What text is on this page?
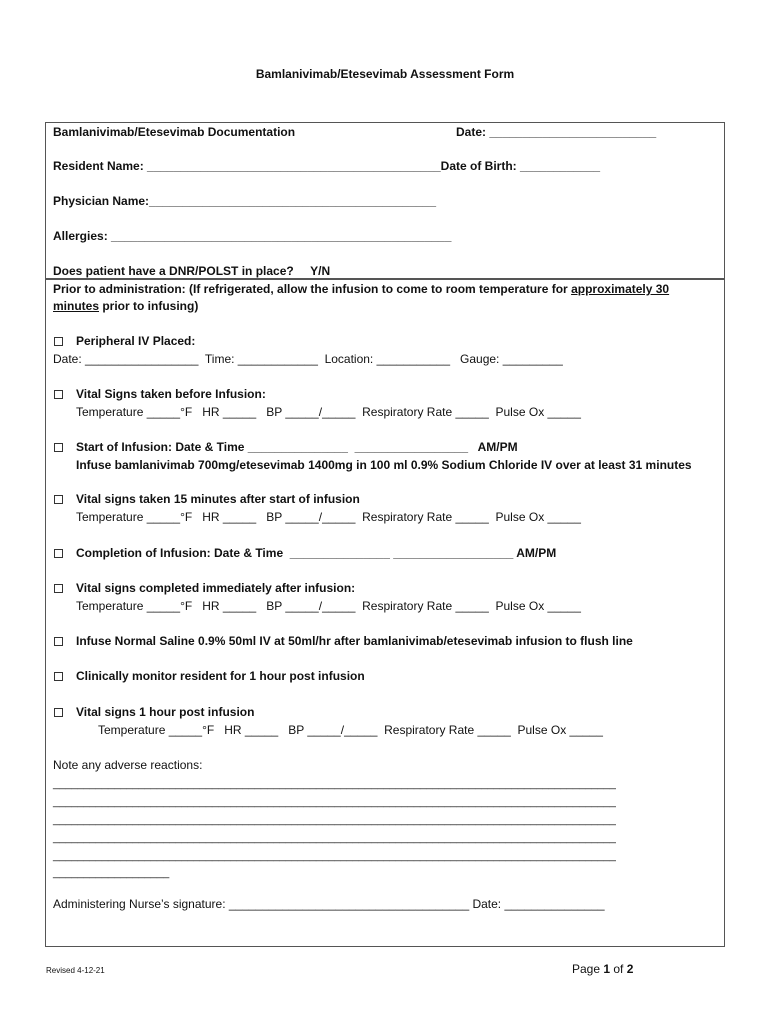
Bamlanivimab/Etesevimab Assessment Form
Bamlanivimab/Etesevimab Documentation	Date: _________________________
Resident Name: ____________________________________________Date of Birth: ____________
Physician Name:___________________________________________
Allergies: ___________________________________________________
Does patient have a DNR/POLST in place?     Y/N
Prior to administration: (If refrigerated, allow the infusion to come to room temperature for approximately 30
minutes prior to infusing)
Peripheral IV Placed:
Date: _________________  Time: ____________  Location: ___________   Gauge: _________
Vital Signs taken before Infusion:
Temperature _____°F   HR _____   BP _____/_____  Respiratory Rate _____  Pulse Ox _____
Start of Infusion: Date & Time _______________  _________________   AM/PM
Infuse bamlanivimab 700mg/etesevimab 1400mg in 100 ml 0.9% Sodium Chloride IV over at least 31 minutes
Vital signs taken 15 minutes after start of infusion
Temperature _____°F   HR _____   BP _____/_____  Respiratory Rate _____  Pulse Ox _____
Completion of Infusion: Date & Time  _______________ __________________ AM/PM
Vital signs completed immediately after infusion:
Temperature _____°F   HR _____   BP _____/_____  Respiratory Rate _____  Pulse Ox _____
Infuse Normal Saline 0.9% 50ml IV at 50ml/hr after bamlanivimab/etesevimab infusion to flush line
Clinically monitor resident for 1 hour post infusion
Vital signs 1 hour post infusion
Temperature _____°F   HR _____   BP _____/_____  Respiratory Rate _____  Pulse Ox _____
Note any adverse reactions:
____________________________________________________________________________________________
____________________________________________________________________________________________
____________________________________________________________________________________________
____________________________________________________________________________________________
____________________________________________________________________________________________
___________________
Administering Nurse’s signature: ____________________________________ Date: _______________
Revised 4-12-21	Page 1 of 2
